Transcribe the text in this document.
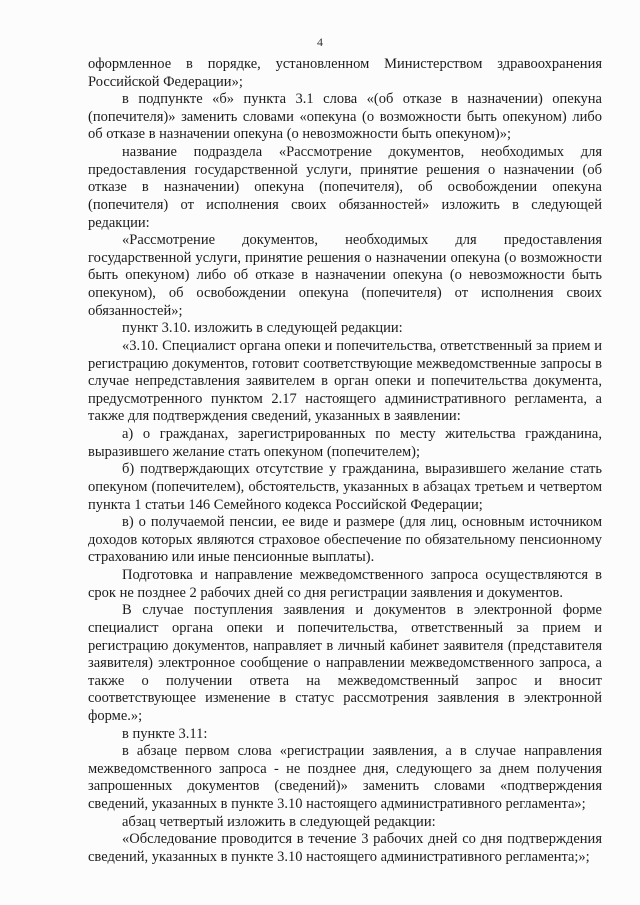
4

оформленное в порядке, установленном Министерством здравоохранения Российской Федерации»;

в подпункте «б» пункта 3.1 слова «(об отказе в назначении) опекуна (попечителя)» заменить словами «опекуна (о возможности быть опекуном) либо об отказе в назначении опекуна (о невозможности быть опекуном)»;

название подраздела «Рассмотрение документов, необходимых для предоставления государственной услуги, принятие решения о назначении (об отказе в назначении) опекуна (попечителя), об освобождении опекуна (попечителя) от исполнения своих обязанностей» изложить в следующей редакции:

«Рассмотрение документов, необходимых для предоставления государственной услуги, принятие решения о назначении опекуна (о возможности быть опекуном) либо об отказе в назначении опекуна (о невозможности быть опекуном), об освобождении опекуна (попечителя) от исполнения своих обязанностей»;

пункт 3.10. изложить в следующей редакции:

«3.10. Специалист органа опеки и попечительства, ответственный за прием и регистрацию документов, готовит соответствующие межведомственные запросы в случае непредставления заявителем в орган опеки и попечительства документа, предусмотренного пунктом 2.17 настоящего административного регламента, а также для подтверждения сведений, указанных в заявлении:

а) о гражданах, зарегистрированных по месту жительства гражданина, выразившего желание стать опекуном (попечителем);

б) подтверждающих отсутствие у гражданина, выразившего желание стать опекуном (попечителем), обстоятельств, указанных в абзацах третьем и четвертом пункта 1 статьи 146 Семейного кодекса Российской Федерации;

в) о получаемой пенсии, ее виде и размере (для лиц, основным источником доходов которых являются страховое обеспечение по обязательному пенсионному страхованию или иные пенсионные выплаты).

Подготовка и направление межведомственного запроса осуществляются в срок не позднее 2 рабочих дней со дня регистрации заявления и документов.

В случае поступления заявления и документов в электронной форме специалист органа опеки и попечительства, ответственный за прием и регистрацию документов, направляет в личный кабинет заявителя (представителя заявителя) электронное сообщение о направлении межведомственного запроса, а также о получении ответа на межведомственный запрос и вносит соответствующее изменение в статус рассмотрения заявления в электронной форме.»;

в пункте 3.11:

в абзаце первом слова «регистрации заявления, а в случае направления межведомственного запроса - не позднее дня, следующего за днем получения запрошенных документов (сведений)» заменить словами «подтверждения сведений, указанных в пункте 3.10 настоящего административного регламента»;

абзац четвертый изложить в следующей редакции:

«Обследование проводится в течение 3 рабочих дней со дня подтверждения сведений, указанных в пункте 3.10 настоящего административного регламента;»;
